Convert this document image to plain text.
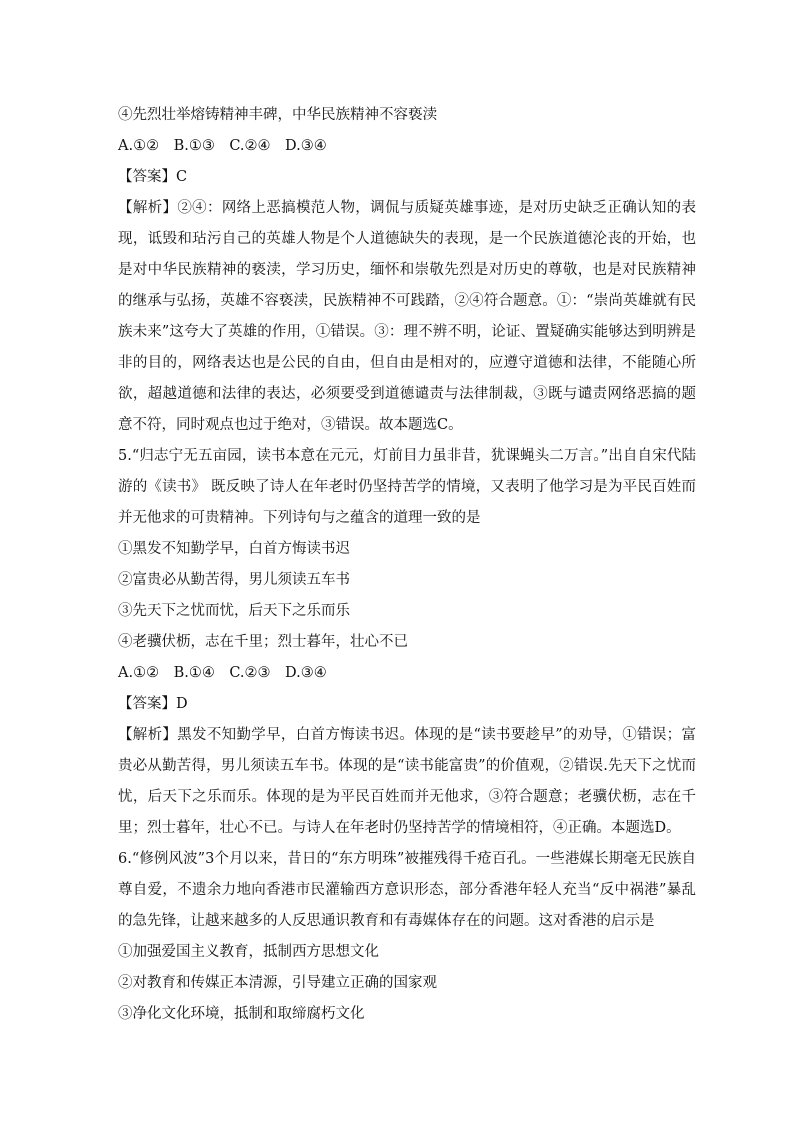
④先烈壮举熔铸精神丰碑，中华民族精神不容亵渎

A.①②　B.①③　C.②④　D.③④

【答案】C

【解析】②④：网络上恶搞模范人物，调侃与质疑英雄事迹，是对历史缺乏正确认知的表现，诋毁和玷污自己的英雄人物是个人道德缺失的表现，是一个民族道德沦丧的开始，也是对中华民族精神的亵渎，学习历史，缅怀和崇敬先烈是对历史的尊敬，也是对民族精神的继承与弘扬，英雄不容亵渎，民族精神不可践踏，②④符合题意。①：“崇尚英雄就有民族未来”这夸大了英雄的作用，①错误。③：理不辨不明，论证、置疑确实能够达到明辨是非的目的，网络表达也是公民的自由，但自由是相对的，应遵守道德和法律，不能随心所欲，超越道德和法律的表达，必须要受到道德谴责与法律制裁，③既与谴责网络恶搞的题意不符，同时观点也过于绝对，③错误。故本题选C。

5.“归志宁无五亩园，读书本意在元元，灯前目力虽非昔，犹课蝇头二万言。”出自自宋代陆游的《读书》 既反映了诗人在年老时仍坚持苦学的情境，又表明了他学习是为平民百姓而并无他求的可贵精神。下列诗句与之蕴含的道理一致的是

①黑发不知勤学早，白首方悔读书迟

②富贵必从勤苦得，男儿须读五车书

③先天下之忧而忧，后天下之乐而乐

④老骥伏枥，志在千里；烈士暮年，壮心不已

A.①②　B.①④　C.②③　D.③④

【答案】D

【解析】黑发不知勤学早，白首方悔读书迟。体现的是“读书要趁早”的劝导，①错误；富贵必从勤苦得，男儿须读五车书。体现的是“读书能富贵”的价值观，②错误.先天下之忧而忧，后天下之乐而乐。体现的是为平民百姓而并无他求，③符合题意；老骥伏枥，志在千里；烈士暮年，壮心不已。与诗人在年老时仍坚持苦学的情境相符，④正确。本题选D。

6.“修例风波”3个月以来，昔日的“东方明珠”被摧残得千疮百孔。一些港媒长期毫无民族自尊自爱，不遗余力地向香港市民灌输西方意识形态，部分香港年轻人充当“反中祸港”暴乱的急先锋，让越来越多的人反思通识教育和有毒媒体存在的问题。这对香港的启示是

①加强爱国主义教育，抵制西方思想文化

②对教育和传媒正本清源，引导建立正确的国家观

③净化文化环境，抵制和取缔腐朽文化
